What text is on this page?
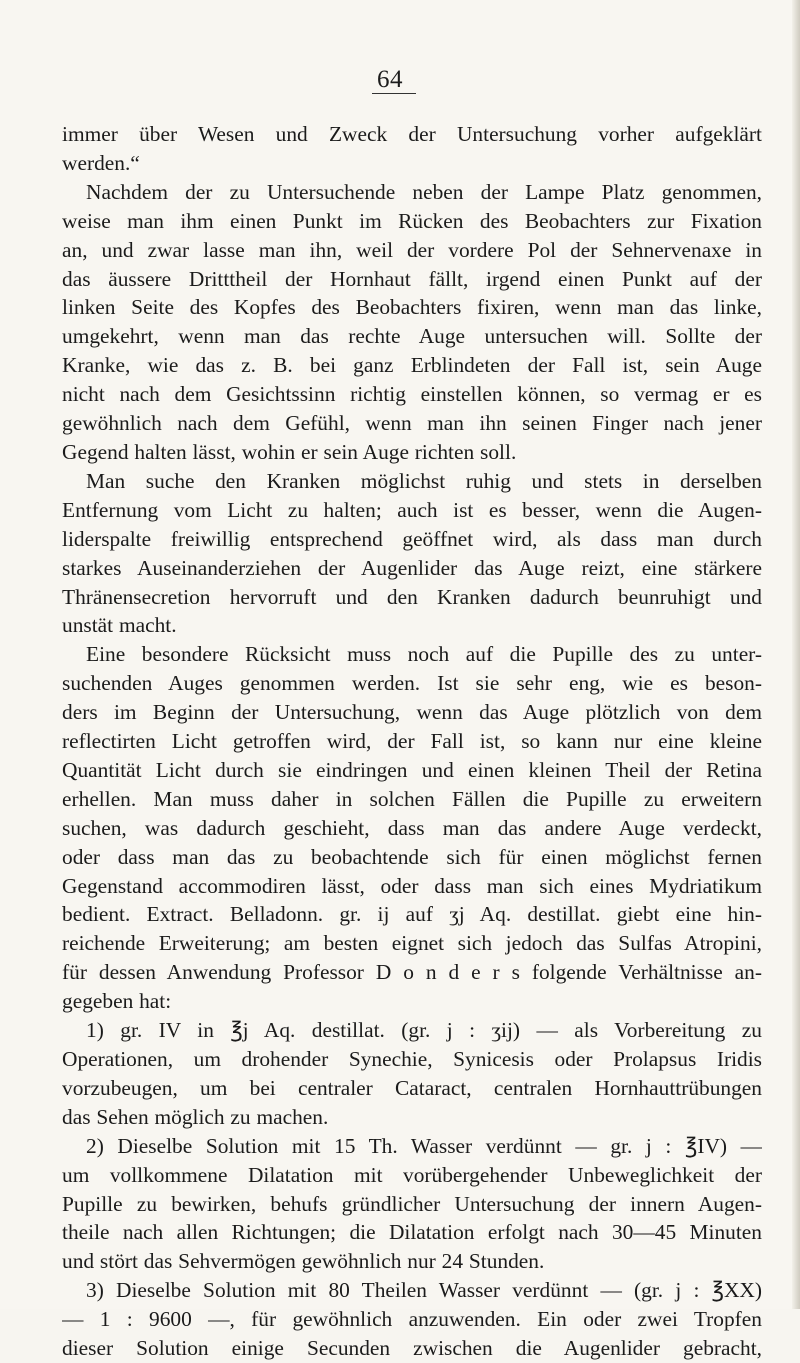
64
immer über Wesen und Zweck der Untersuchung vorher aufgeklärt
werden.“
Nachdem der zu Untersuchende neben der Lampe Platz genommen,
weise man ihm einen Punkt im Rücken des Beobachters zur Fixation
an, und zwar lasse man ihn, weil der vordere Pol der Sehnervenaxe in
das äussere Dritttheil der Hornhaut fällt, irgend einen Punkt auf der
linken Seite des Kopfes des Beobachters fixiren, wenn man das linke,
umgekehrt, wenn man das rechte Auge untersuchen will. Sollte der
Kranke, wie das z. B. bei ganz Erblindeten der Fall ist, sein Auge
nicht nach dem Gesichtssinn richtig einstellen können, so vermag er es
gewöhnlich nach dem Gefühl, wenn man ihn seinen Finger nach jener
Gegend halten lässt, wohin er sein Auge richten soll.
Man suche den Kranken möglichst ruhig und stets in derselben
Entfernung vom Licht zu halten; auch ist es besser, wenn die Augen-
liderspalte freiwillig entsprechend geöffnet wird, als dass man durch
starkes Auseinanderziehen der Augenlider das Auge reizt, eine stärkere
Thränensecretion hervorruft und den Kranken dadurch beunruhigt und
unstät macht.
Eine besondere Rücksicht muss noch auf die Pupille des zu unter-
suchenden Auges genommen werden. Ist sie sehr eng, wie es beson-
ders im Beginn der Untersuchung, wenn das Auge plötzlich von dem
reflectirten Licht getroffen wird, der Fall ist, so kann nur eine kleine
Quantität Licht durch sie eindringen und einen kleinen Theil der Retina
erhellen. Man muss daher in solchen Fällen die Pupille zu erweitern
suchen, was dadurch geschieht, dass man das andere Auge verdeckt,
oder dass man das zu beobachtende sich für einen möglichst fernen
Gegenstand accommodiren lässt, oder dass man sich eines Mydriatikum
bedient. Extract. Belladonn. gr. ij auf ʒj Aq. destillat. giebt eine hin-
reichende Erweiterung; am besten eignet sich jedoch das Sulfas Atropini,
für dessen Anwendung Professor D o n d e r s folgende Verhältnisse an-
gegeben hat:
1) gr. IV in ℥j Aq. destillat. (gr. j : ʒij) — als Vorbereitung zu
Operationen, um drohender Synechie, Synicesis oder Prolapsus Iridis
vorzubeugen, um bei centraler Cataract, centralen Hornhauttrübungen
das Sehen möglich zu machen.
2) Dieselbe Solution mit 15 Th. Wasser verdünnt — gr. j : ℥IV) —
um vollkommene Dilatation mit vorübergehender Unbeweglichkeit der
Pupille zu bewirken, behufs gründlicher Untersuchung der innern Augen-
theile nach allen Richtungen; die Dilatation erfolgt nach 30—45 Minuten
und stört das Sehvermögen gewöhnlich nur 24 Stunden.
3) Dieselbe Solution mit 80 Theilen Wasser verdünnt — (gr. j : ℥XX)
— 1 : 9600 —, für gewöhnlich anzuwenden. Ein oder zwei Tropfen
dieser Solution einige Secunden zwischen die Augenlider gebracht,
